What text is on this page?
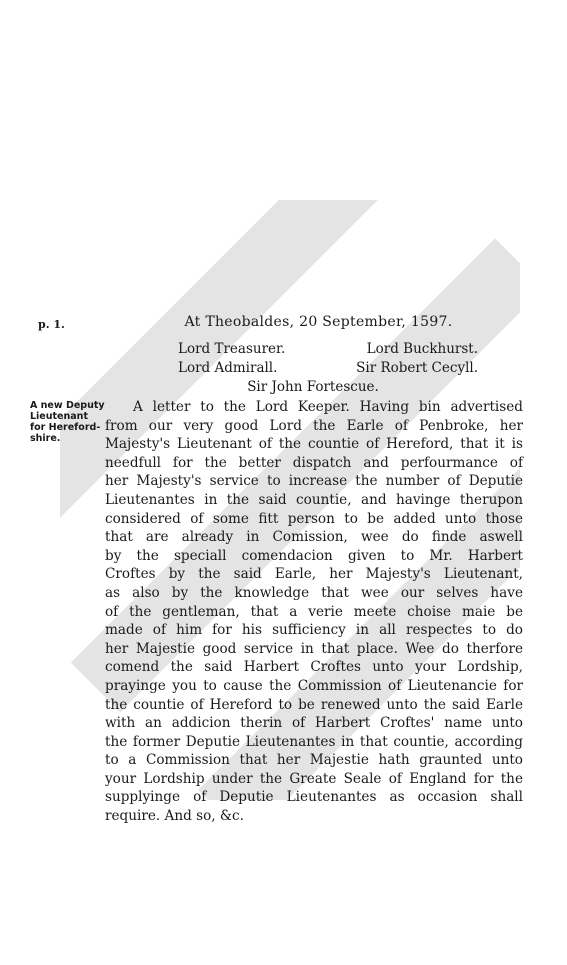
p. 1.	At Theobaldes, 20 September, 1597.
Lord Treasurer.	Lord Buckhurst.
Lord Admirall.	Sir Robert Cecyll.
Sir John Fortescue.
A new Deputy
Lieutenant
for Hereford-
shire.
A letter to the Lord Keeper. Having bin advertised
from our very good Lord the Earle of Penbroke, her
Majesty's Lieutenant of the countie of Hereford, that it is
needfull for the better dispatch and perfourmance of
her Majesty's service to increase the number of Deputie
Lieutenantes in the said countie, and havinge therupon
considered of some fitt person to be added unto those
that are already in Comission, wee do finde aswell
by the speciall comendacion given to Mr. Harbert
Croftes by the said Earle, her Majesty's Lieutenant,
as also by the knowledge that wee our selves have
of the gentleman, that a verie meete choise maie be
made of him for his sufficiency in all respectes to do
her Majestie good service in that place. Wee do therfore
comend the said Harbert Croftes unto your Lordship,
prayinge you to cause the Commission of Lieutenancie for
the countie of Hereford to be renewed unto the said Earle
with an addicion therin of Harbert Croftes' name unto
the former Deputie Lieutenantes in that countie, according
to a Commission that her Majestie hath graunted unto
your Lordship under the Greate Seale of England for the
supplyinge of Deputie Lieutenantes as occasion shall
require. And so, &c.
